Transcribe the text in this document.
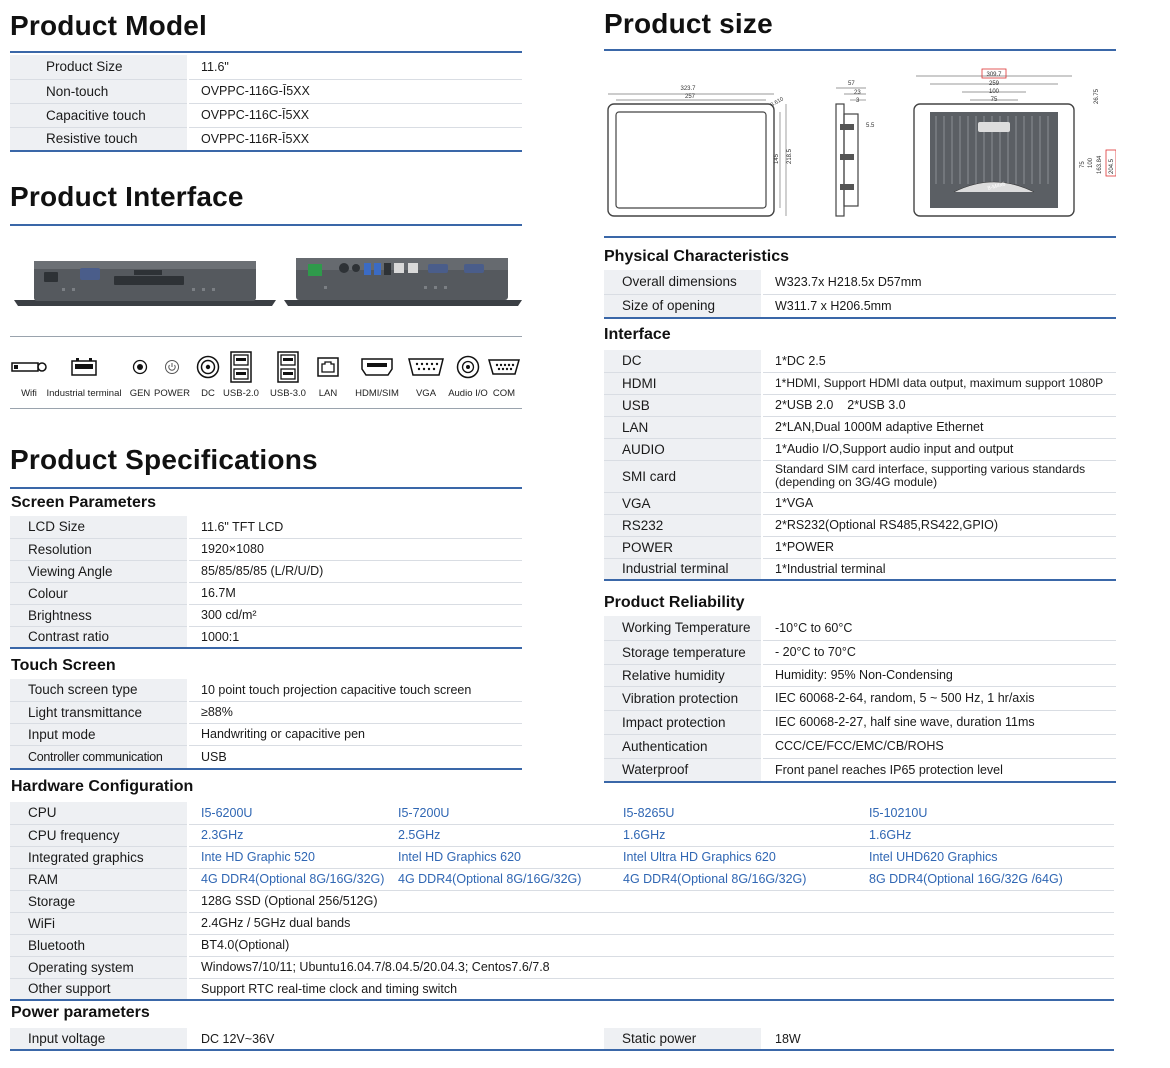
Product Model
Product Size	11.6"
Non-touch	OVPPC-116G-Ī5XX
Capacitive touch	OVPPC-116C-Ī5XX
Resistive touch	OVPPC-116R-Ī5XX
Product Interface
Wifi	Industrial terminal GEN POWER	DC USB-2.0 USB-3.0	LAN	HDMI/SIM	VGA	Audio I/O COM
Product Specifications
Screen Parameters
LCD Size	11.6" TFT LCD
Resolution	1920×1080
Viewing Angle	85/85/85/85 (L/R/U/D)
Colour	16.7M
Brightness	300 cd/m²
Contrast ratio	1000:1
Touch Screen
Touch screen type	10 point touch projection capacitive touch screen
Light transmittance	≥88%
Input mode	Handwriting or capacitive pen
Controller communication	USB
Hardware Configuration
CPU	I5-6200U	I5-7200U	I5-8265U	I5-10210U
CPU frequency	2.3GHz	2.5GHz	1.6GHz	1.6GHz
Integrated graphics	Inte HD Graphic 520	Intel HD Graphics 620	Intel Ultra HD Graphics 620	Intel UHD620 Graphics
RAM	4G DDR4(Optional 8G/16G/32G)	4G DDR4(Optional 8G/16G/32G)	4G DDR4(Optional 8G/16G/32G)	8G DDR4(Optional 16G/32G /64G)
Storage	128G SSD (Optional 256/512G)			
WiFi	2.4GHz / 5GHz dual bands			
Bluetooth	BT4.0(Optional)			
Operating system	Windows7/10/11; Ubuntu16.04.7/8.04.5/20.04.3; Centos7.6/7.8			
Other support	Support RTC real-time clock and timing switch			
Power parameters
Input voltage	DC 12V~36V	Static power	18W
Product size
323.7
257	8.610
145 218.5
57
23
3
5.5
309.7
259
100
75	26.75
75 100 163.84 204.5
8-M4x6
Physical Characteristics
Overall dimensions	W323.7x H218.5x D57mm
Size of opening	W311.7 x H206.5mm
Interface
DC	1*DC 2.5
HDMI	1*HDMI, Support HDMI data output, maximum support 1080P
USB	2*USB 2.0    2*USB 3.0
LAN	2*LAN,Dual 1000M adaptive Ethernet
AUDIO	1*Audio I/O,Support audio input and output
SMI card	Standard SIM card interface, supporting various standards (depending on 3G/4G module)
VGA	1*VGA
RS232	2*RS232(Optional RS485,RS422,GPIO)
POWER	1*POWER
Industrial terminal	1*Industrial terminal
Product Reliability
Working Temperature	-10°C to 60°C
Storage temperature	- 20°C to 70°C
Relative humidity	Humidity: 95% Non-Condensing
Vibration protection	IEC 60068-2-64, random, 5 ~ 500 Hz, 1 hr/axis
Impact protection	IEC 60068-2-27, half sine wave, duration 11ms
Authentication	CCC/CE/FCC/EMC/CB/ROHS
Waterproof	Front panel reaches IP65 protection level
